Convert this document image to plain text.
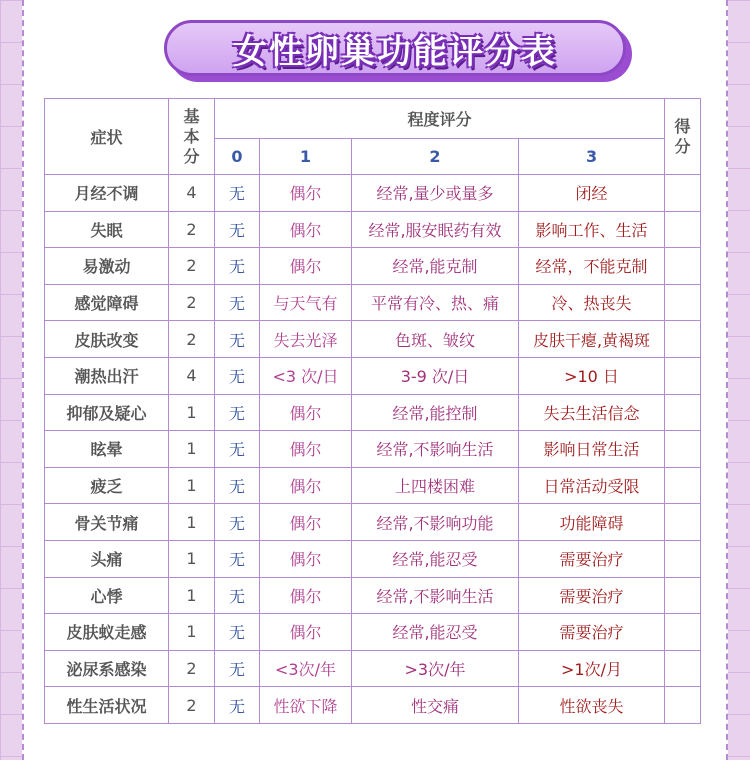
女性卵巢功能评分表
症状	基本分	程度评分				得分

		0	1	2	3	
月经不调	4	无	偶尔	经常,量少或量多	闭经	
失眠	2	无	偶尔	经常,服安眠药有效	影响工作、生活	
易激动	2	无	偶尔	经常,能克制	经常，不能克制	
感觉障碍	2	无	与天气有	平常有冷、热、痛	冷、热丧失	
皮肤改变	2	无	失去光泽	色斑、皱纹	皮肤干瘪,黄褐斑	
潮热出汗	4	无	<3 次/日	3-9 次/日	>10 日	
抑郁及疑心	1	无	偶尔	经常,能控制	失去生活信念	
眩晕	1	无	偶尔	经常,不影响生活	影响日常生活	
疲乏	1	无	偶尔	上四楼困难	日常活动受限	
骨关节痛	1	无	偶尔	经常,不影响功能	功能障碍	
头痛	1	无	偶尔	经常,能忍受	需要治疗	
心悸	1	无	偶尔	经常,不影响生活	需要治疗	
皮肤蚁走感	1	无	偶尔	经常,能忍受	需要治疗	
泌尿系感染	2	无	<3次/年	>3次/年	>1次/月	
性生活状况	2	无	性欲下降	性交痛	性欲丧失	
